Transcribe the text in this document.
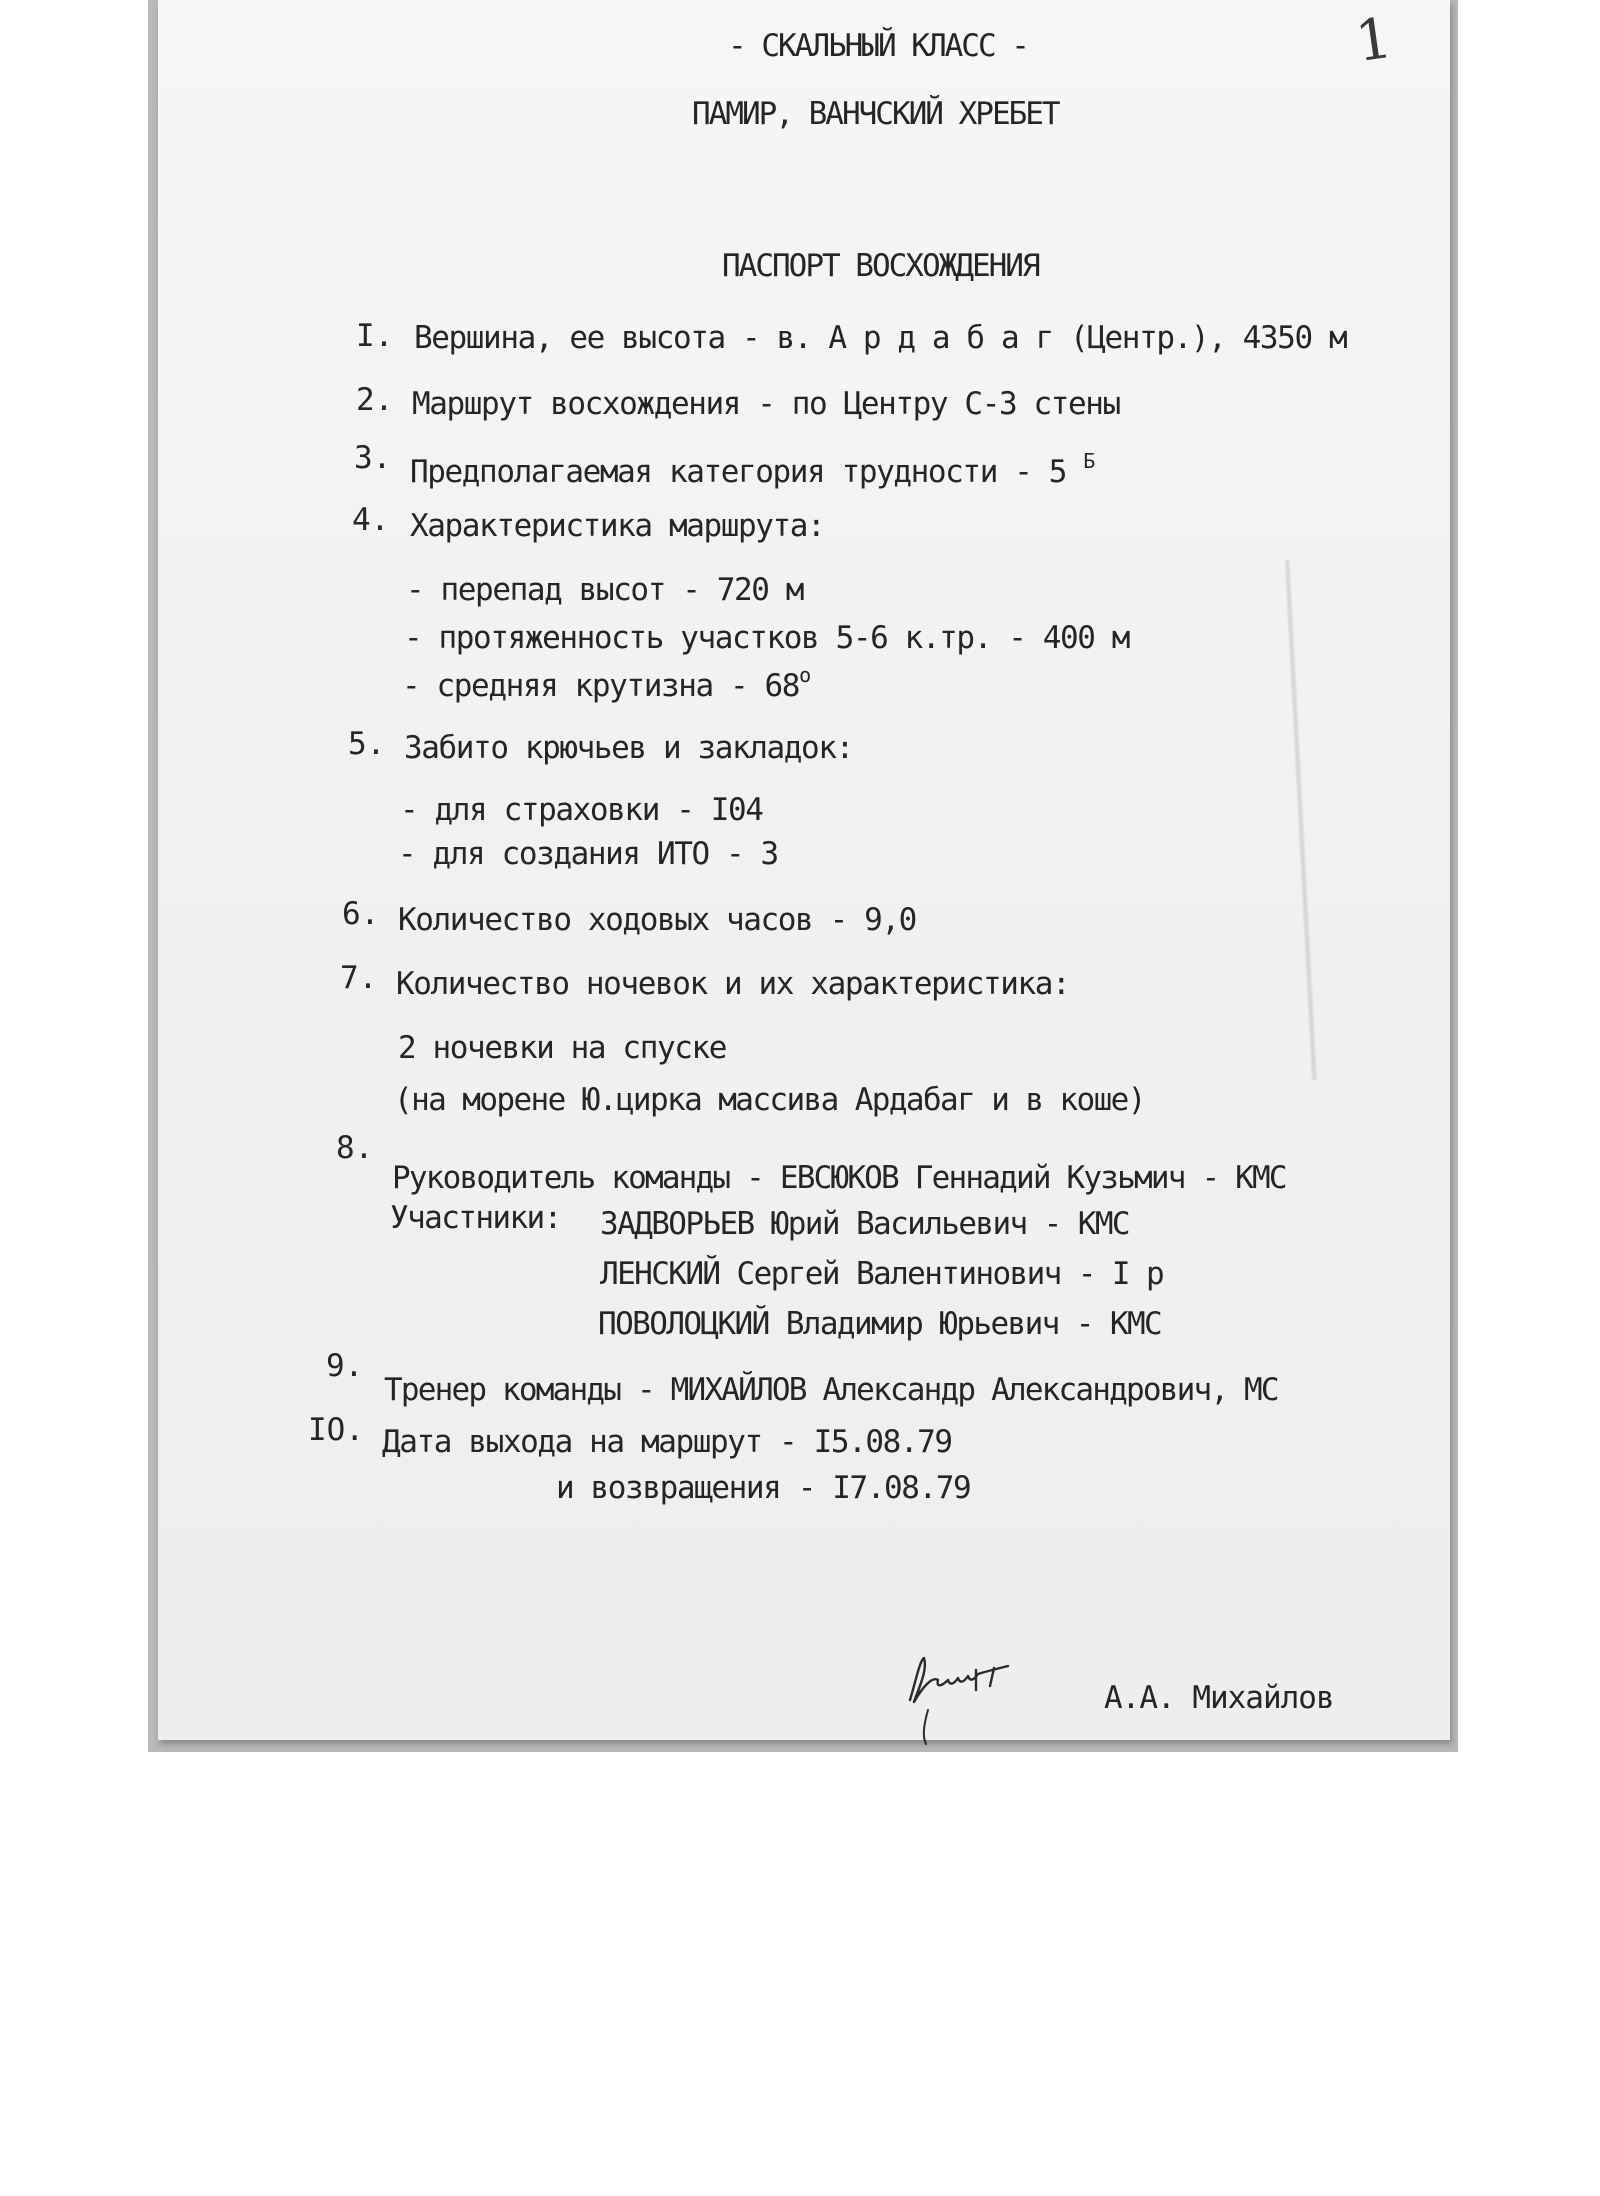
1
- СКАЛЬНЫЙ КЛАСС -
ПАМИР, ВАНЧСКИЙ ХРЕБЕТ
ПАСПОРТ ВОСХОЖДЕНИЯ
I. Вершина, ее высота - в. А р д а б а г (Центр.), 4350 м
2. Маршрут восхождения - по Центру С-3 стены
3. Предполагаемая категория трудности - 5 $^Б$
4. Характеристика маршрута:
- перепад высот - 720 м
- протяженность участков 5-6 к.тр. - 400 м
- средняя крутизна - $68^о$
5. Забито крючьев и закладок:
- для страховки - I04
- для создания ИТО - 3
6. Количество ходовых часов - 9,0
7. Количество ночевок и их характеристика:
2 ночевки на спуске
(на морене Ю.цирка массива Ардабаг и в коше)
8.
Руководитель команды - ЕВСЮКОВ Геннадий Кузьмич - КМС
Участники: ЗАДВОРЬЕВ Юрий Васильевич - КМС
ЛЕНСКИЙ Сергей Валентинович - I р
ПОВОЛОЦКИЙ Владимир Юрьевич - КМС
9.
Тренер команды - МИХАЙЛОВ Александр Александрович, МС
IO. Дата выхода на маршрут - I5.08.79
и возвращения - I7.08.79
А.А. Михайлов
